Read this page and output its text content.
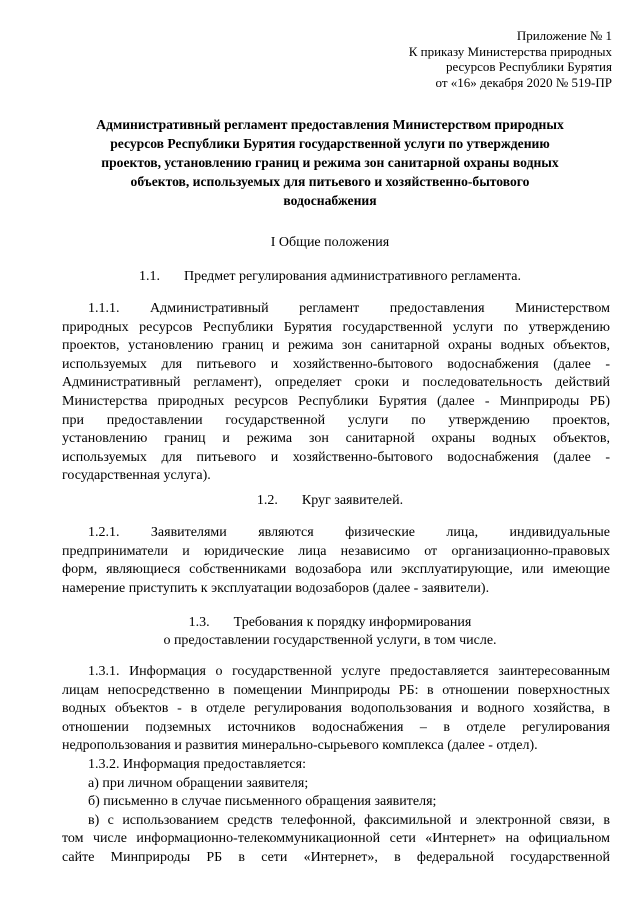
Приложение № 1
К приказу Министерства природных
ресурсов Республики Бурятия
от «16» декабря 2020 № 519-ПР
Административный регламент предоставления Министерством природных
ресурсов Республики Бурятия государственной услуги по утверждению
проектов, установлению границ и режима зон санитарной охраны водных
объектов, используемых для питьевого и хозяйственно-бытового
водоснабжения
I Общие положения
1.1. Предмет регулирования административного регламента.
1.1.1. Административный регламент предоставления Министерством
природных ресурсов Республики Бурятия государственной услуги по утверждению
проектов, установлению границ и режима зон санитарной охраны водных объектов,
используемых для питьевого и хозяйственно-бытового водоснабжения (далее -
Административный регламент), определяет сроки и последовательность действий
Министерства природных ресурсов Республики Бурятия (далее - Минприроды РБ)
при предоставлении государственной услуги по утверждению проектов,
установлению границ и режима зон санитарной охраны водных объектов,
используемых для питьевого и хозяйственно-бытового водоснабжения (далее -
государственная услуга).
1.2. Круг заявителей.
1.2.1. Заявителями являются физические лица, индивидуальные
предприниматели и юридические лица независимо от организационно-правовых
форм, являющиеся собственниками водозабора или эксплуатирующие, или имеющие
намерение приступить к эксплуатации водозаборов (далее - заявители).
1.3. Требования к порядку информирования
о предоставлении государственной услуги, в том числе.
1.3.1. Информация о государственной услуге предоставляется заинтересованным
лицам непосредственно в помещении Минприроды РБ: в отношении поверхностных
водных объектов - в отделе регулирования водопользования и водного хозяйства, в
отношении подземных источников водоснабжения – в отделе регулирования
недропользования и развития минерально-сырьевого комплекса (далее - отдел).
1.3.2. Информация предоставляется:
а) при личном обращении заявителя;
б) письменно в случае письменного обращения заявителя;
в) с использованием средств телефонной, факсимильной и электронной связи, в
том числе информационно-телекоммуникационной сети «Интернет» на официальном
сайте Минприроды РБ в сети «Интернет», в федеральной государственной
